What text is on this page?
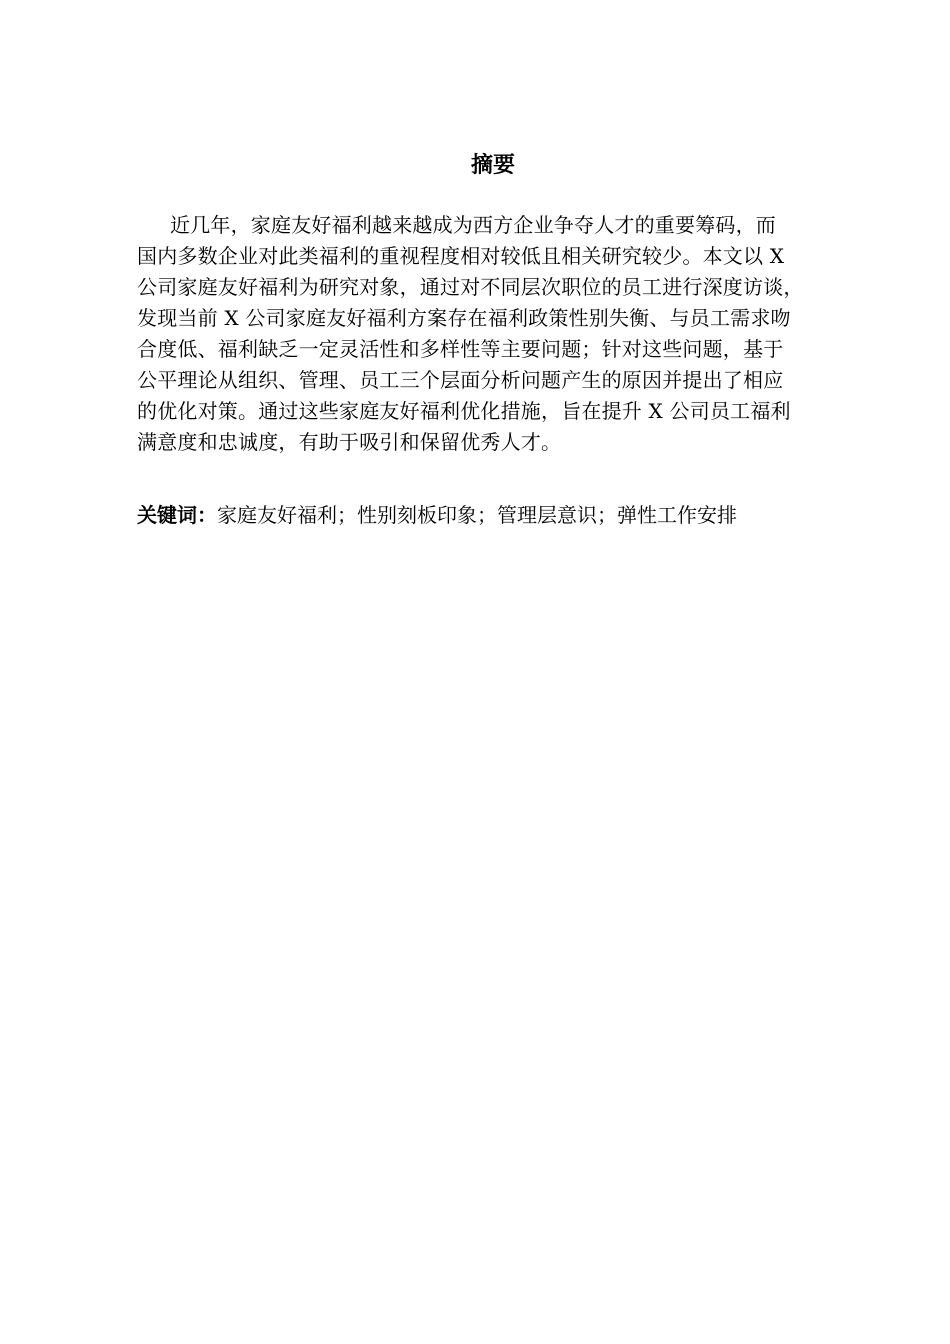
摘要
近几年，家庭友好福利越来越成为西方企业争夺人才的重要筹码，而
国内多数企业对此类福利的重视程度相对较低且相关研究较少。本文以 X
公司家庭友好福利为研究对象，通过对不同层次职位的员工进行深度访谈，
发现当前 X 公司家庭友好福利方案存在福利政策性别失衡、与员工需求吻
合度低、福利缺乏一定灵活性和多样性等主要问题；针对这些问题，基于
公平理论从组织、管理、员工三个层面分析问题产生的原因并提出了相应
的优化对策。通过这些家庭友好福利优化措施，旨在提升 X 公司员工福利
满意度和忠诚度，有助于吸引和保留优秀人才。

关键词：家庭友好福利；性别刻板印象；管理层意识；弹性工作安排
